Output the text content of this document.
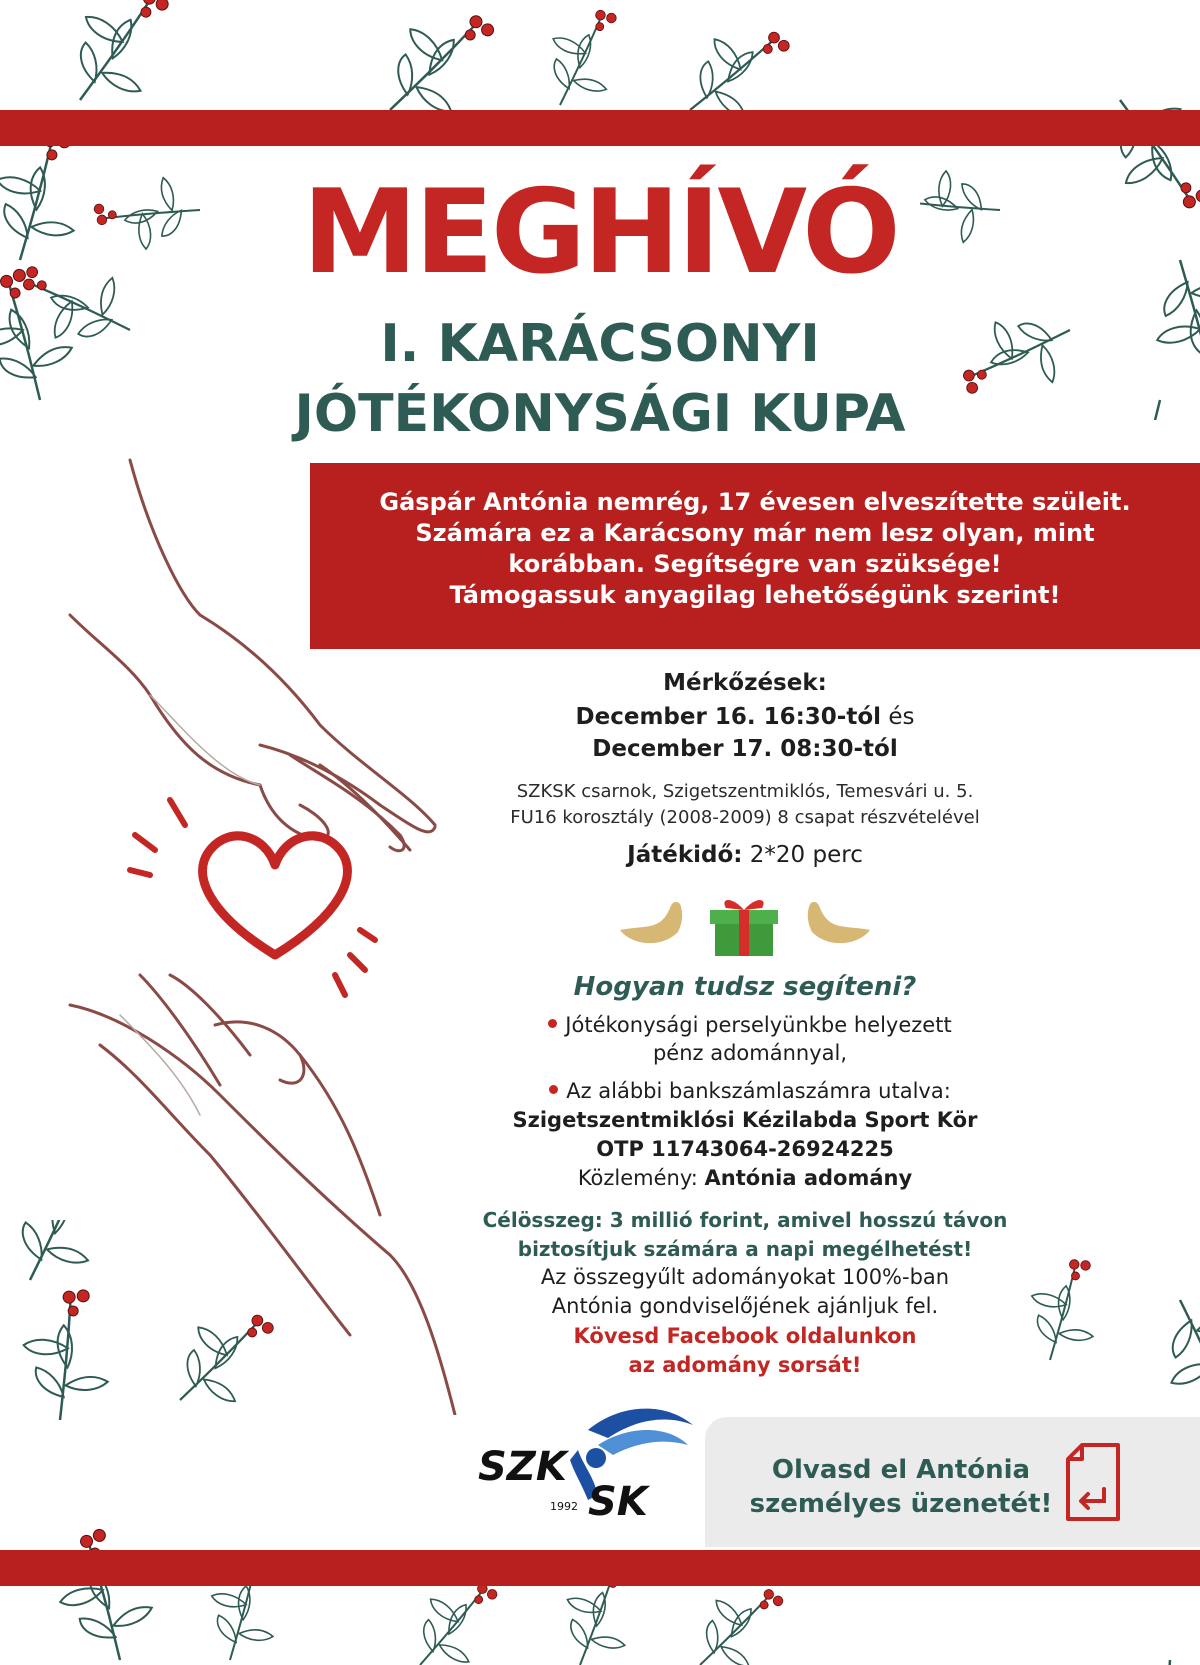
MEGHÍVÓ
I. KARÁCSONYI
JÓTÉKONYSÁGI KUPA
Gáspár Antónia nemrég, 17 évesen elveszítette szüleit.
Számára ez a Karácsony már nem lesz olyan, mint
korábban. Segítségre van szüksége!
Támogassuk anyagilag lehetőségünk szerint!
Mérkőzések:
December 16. 16:30-tól és
December 17. 08:30-tól
SZKSK csarnok, Szigetszentmiklós, Temesvári u. 5.
FU16 korosztály (2008-2009) 8 csapat részvételével
Játékidő: 2*20 perc
Hogyan tudsz segíteni?
Jótékonysági perselyünkbe helyezett
pénz adománnyal,
Az alábbi bankszámlaszámra utalva:
Szigetszentmiklósi Kézilabda Sport Kör
OTP 11743064-26924225
Közlemény: Antónia adomány
Célösszeg: 3 millió forint, amivel hosszú távon
biztosítjuk számára a napi megélhetést!
Az összegyűlt adományokat 100%-ban
Antónia gondviselőjének ajánljuk fel.
Kövesd Facebook oldalunkon
az adomány sorsát!
SZK
SK
1992
Olvasd el Antónia
személyes üzenetét!
